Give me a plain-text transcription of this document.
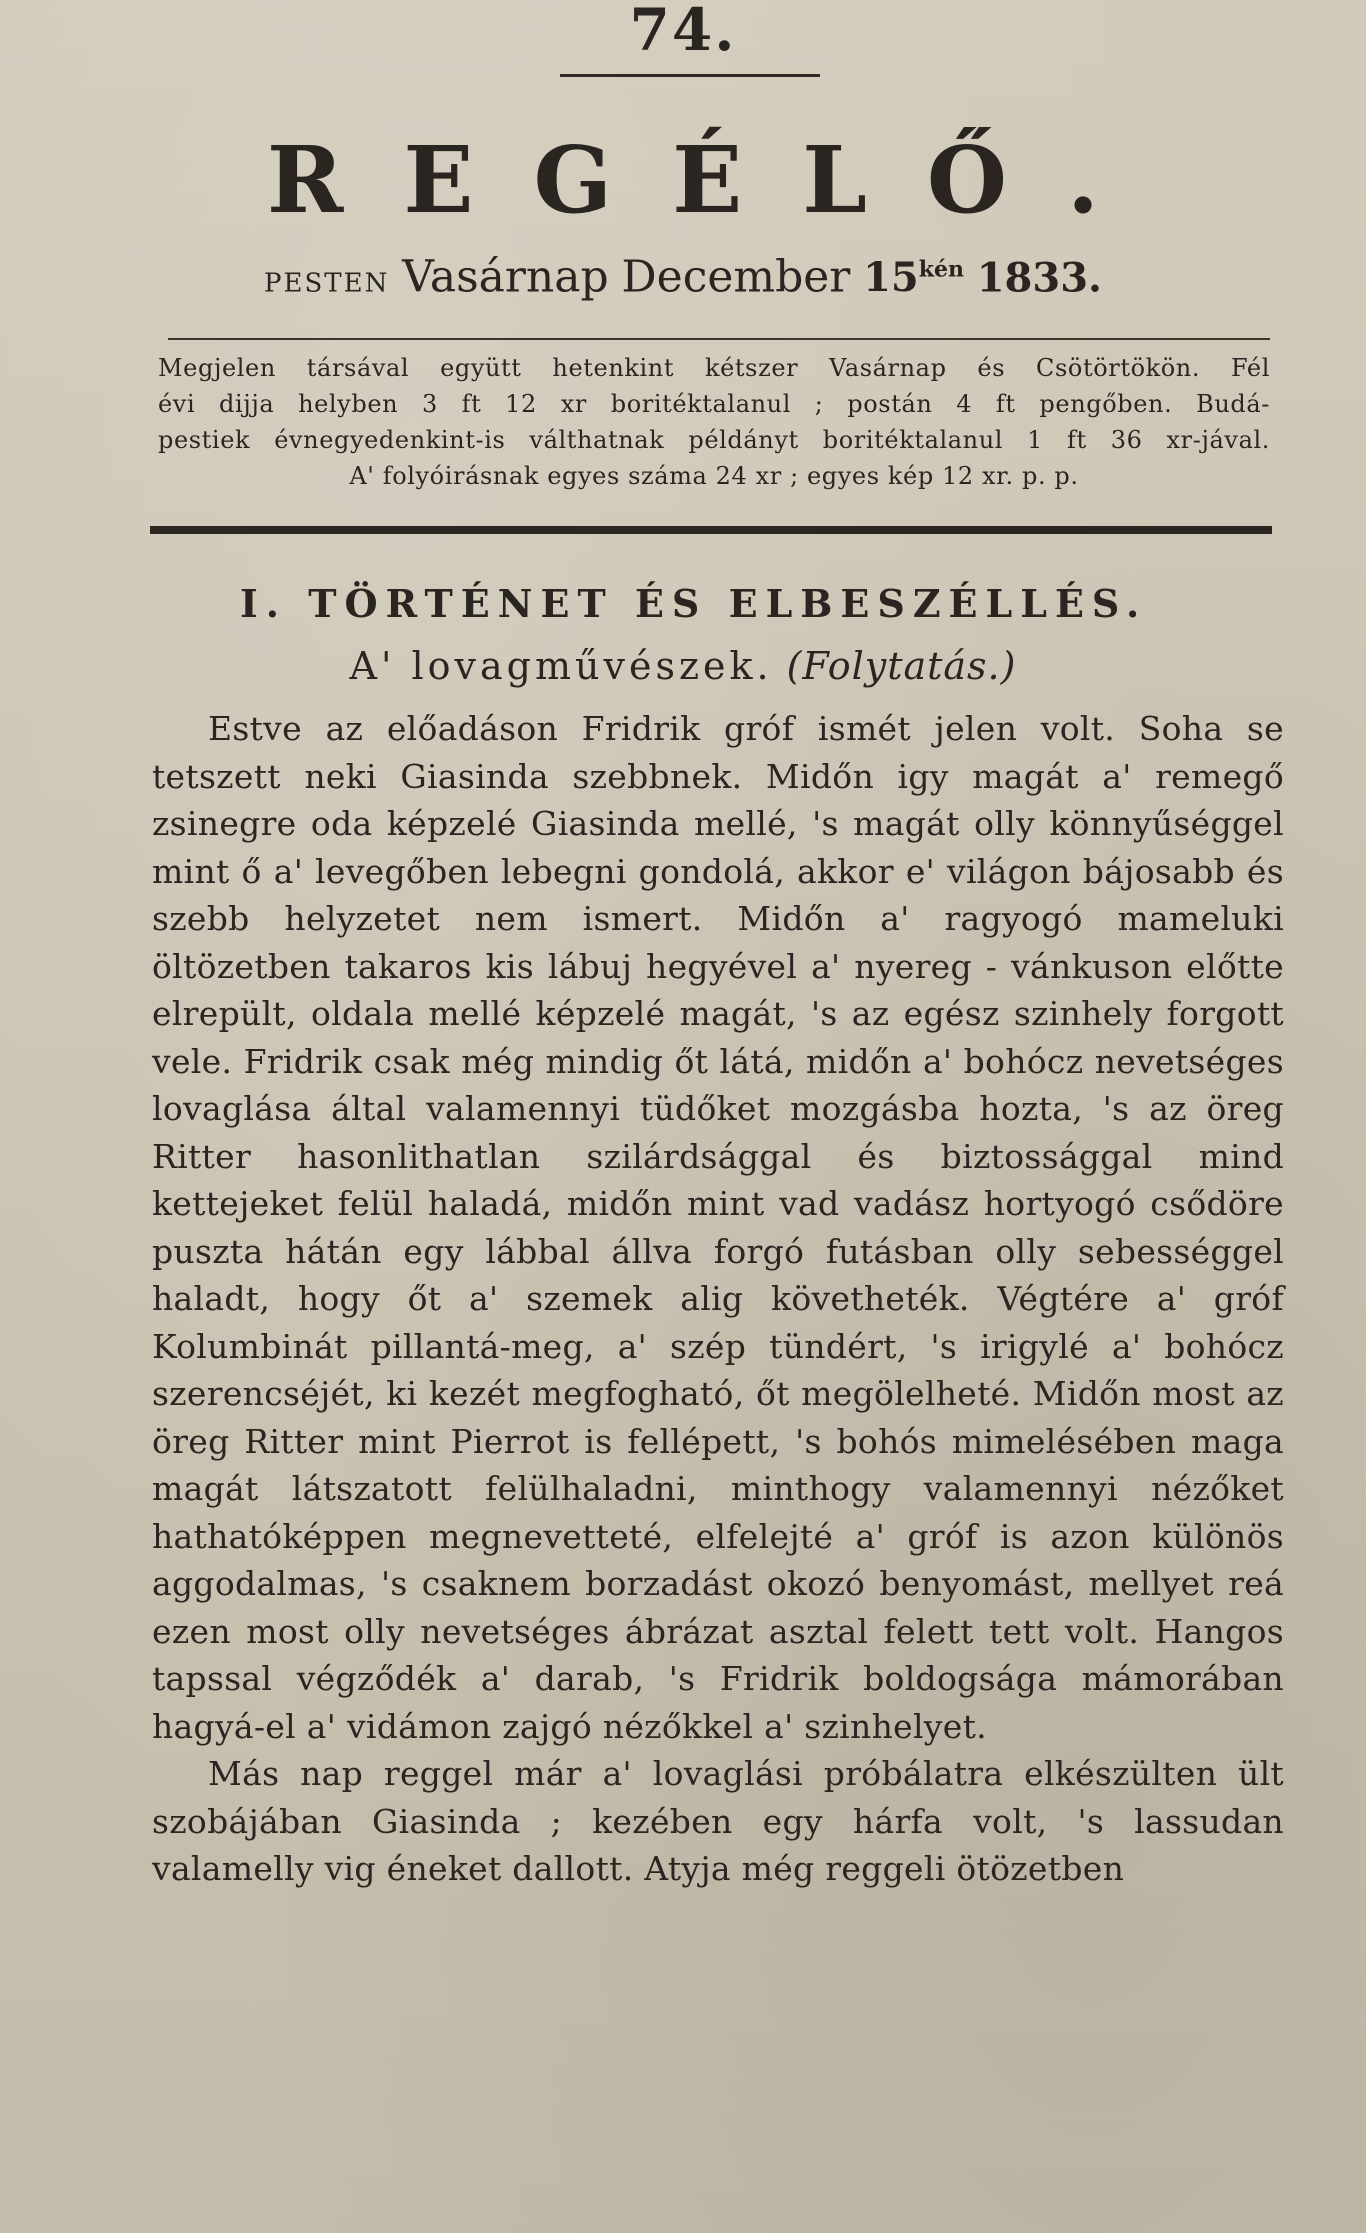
74.
REGÉLŐ.
PESTEN Vasárnap December $15^{kén}$ 1833.
Megjelen társával együtt hetenkint kétszer Vasárnap és Csötörtökön. Fél
évi dijja helyben 3 ft 12 xr boritéktalanul ; postán 4 ft pengőben. Budá-
pestiek évnegyedenkint-is válthatnak példányt boritéktalanul 1 ft 36 xr-jával.
A' folyóirásnak egyes száma 24 xr ; egyes kép 12 xr. p. p.
I. TÖRTÉNET ÉS ELBESZÉLLÉS.
A' lovagművészek. (Folytatás.)

Estve az előadáson Fridrik gróf ismét jelen volt. Soha se tetszett neki Giasinda szebbnek. Midőn igy magát a' remegő zsinegre oda képzelé Giasinda mellé, 's magát olly könnyűséggel mint ő a' levegőben lebegni gondolá, akkor e' világon bájosabb és szebb helyzetet nem ismert. Midőn a' ragyogó mameluki öltözetben takaros kis lábuj hegyével a' nyereg - vánkuson előtte elrepült, oldala mellé képzelé magát, 's az egész szinhely forgott vele. Fridrik csak még mindig őt látá, midőn a' bohócz nevetséges lovaglása által valamennyi tüdőket mozgásba hozta, 's az öreg Ritter hasonlithatlan szilárdsággal és biztossággal mind kettejeket felül haladá, midőn mint vad vadász hortyogó csődöre puszta hátán egy lábbal állva forgó futásban olly sebességgel haladt, hogy őt a' szemek alig követheték. Végtére a' gróf Kolumbinát pillantá-meg, a' szép tündért, 's irigylé a' bohócz szerencséjét, ki kezét megfogható, őt megölelheté. Midőn most az öreg Ritter mint Pierrot is fellépett, 's bohós mimelésében maga magát látszatott felülhaladni, minthogy valamennyi nézőket hathatóképpen megnevetteté, elfelejté a' gróf is azon különös aggodalmas, 's csaknem borzadást okozó benyomást, mellyet reá ezen most olly nevetséges ábrázat asztal felett tett volt. Hangos tapssal végződék a' darab, 's Fridrik boldogsága mámorában hagyá-el a' vidámon zajgó nézőkkel a' szinhelyet.

Más nap reggel már a' lovaglási próbálatra elkészülten ült szobájában Giasinda ; kezében egy hárfa volt, 's lassudan valamelly vig éneket dallott. Atyja még reggeli ötözetben
